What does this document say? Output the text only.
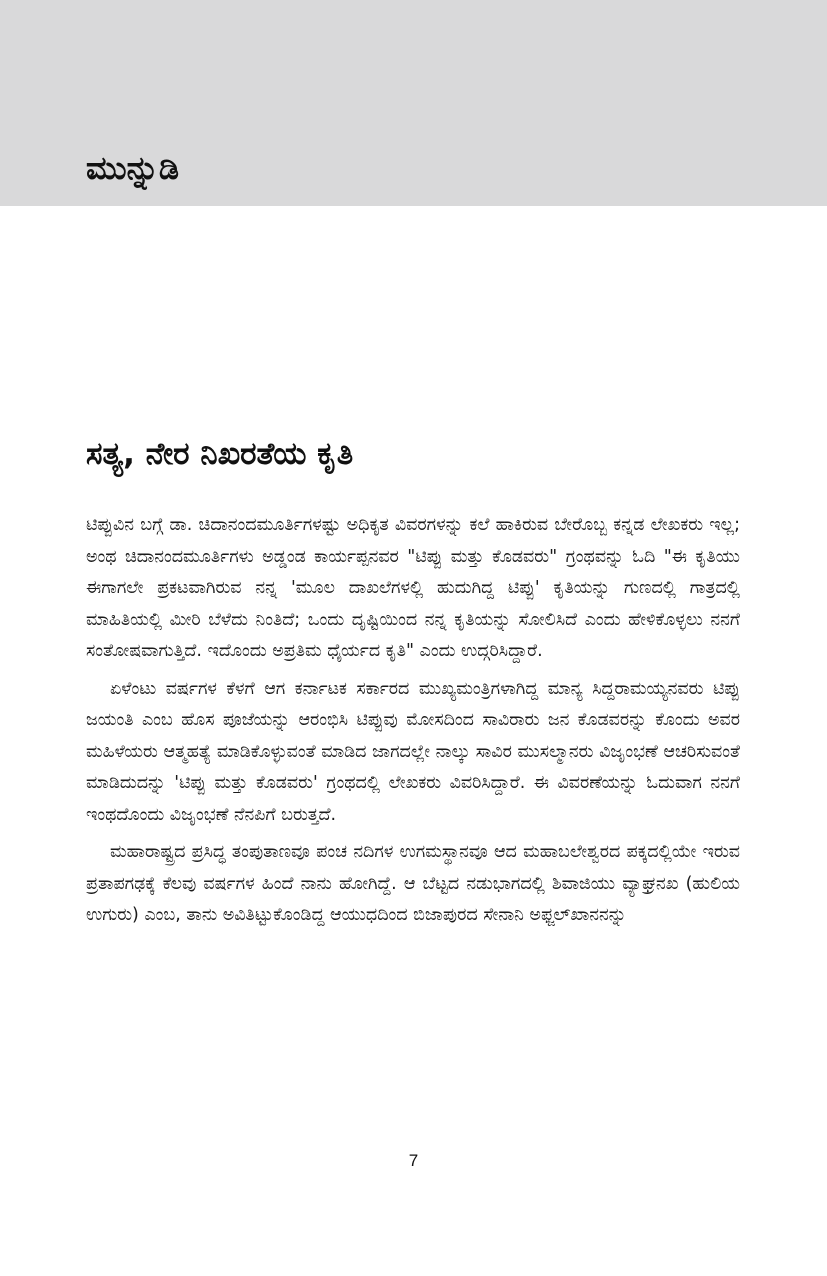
ಮುನ್ನುಡಿ
ಸತ್ಯ, ನೇರ ನಿಖರತೆಯ ಕೃತಿ

ಟಿಪ್ಪುವಿನ ಬಗ್ಗೆ ಡಾ. ಚಿದಾನಂದಮೂರ್ತಿಗಳಷ್ಟು ಅಧಿಕೃತ ವಿವರಗಳನ್ನು ಕಲೆ ಹಾಕಿರುವ ಬೇರೊಬ್ಬ ಕನ್ನಡ ಲೇಖಕರು ಇಲ್ಲ; ಅಂಥ ಚಿದಾನಂದಮೂರ್ತಿಗಳು ಅಡ್ಡಂಡ ಕಾರ್ಯಪ್ಪನವರ "ಟಿಪ್ಪು ಮತ್ತು ಕೊಡವರು" ಗ್ರಂಥವನ್ನು ಓದಿ "ಈ ಕೃತಿಯು ಈಗಾಗಲೇ ಪ್ರಕಟವಾಗಿರುವ ನನ್ನ 'ಮೂಲ ದಾಖಲೆಗಳಲ್ಲಿ ಹುದುಗಿದ್ದ ಟಿಪ್ಪು' ಕೃತಿಯನ್ನು ಗುಣದಲ್ಲಿ ಗಾತ್ರದಲ್ಲಿ ಮಾಹಿತಿಯಲ್ಲಿ ಮೀರಿ ಬೆಳೆದು ನಿಂತಿದೆ; ಒಂದು ದೃಷ್ಟಿಯಿಂದ ನನ್ನ ಕೃತಿಯನ್ನು ಸೋಲಿಸಿದೆ ಎಂದು ಹೇಳಿಕೊಳ್ಳಲು ನನಗೆ ಸಂತೋಷವಾಗುತ್ತಿದೆ. ಇದೊಂದು ಅಪ್ರತಿಮ ಧೈರ್ಯದ ಕೃತಿ" ಎಂದು ಉದ್ಗರಿಸಿದ್ದಾರೆ.

ಏಳೆಂಟು ವರ್ಷಗಳ ಕೆಳಗೆ ಆಗ ಕರ್ನಾಟಕ ಸರ್ಕಾರದ ಮುಖ್ಯಮಂತ್ರಿಗಳಾಗಿದ್ದ ಮಾನ್ಯ ಸಿದ್ದರಾಮಯ್ಯನವರು ಟಿಪ್ಪು ಜಯಂತಿ ಎಂಬ ಹೊಸ ಪೂಜೆಯನ್ನು ಆರಂಭಿಸಿ ಟಿಪ್ಪುವು ಮೋಸದಿಂದ ಸಾವಿರಾರು ಜನ ಕೊಡವರನ್ನು ಕೊಂದು ಅವರ ಮಹಿಳೆಯರು ಆತ್ಮಹತ್ಯೆ ಮಾಡಿಕೊಳ್ಳುವಂತೆ ಮಾಡಿದ ಜಾಗದಲ್ಲೇ ನಾಲ್ಕು ಸಾವಿರ ಮುಸಲ್ಮಾನರು ವಿಜೃಂಭಣೆ ಆಚರಿಸುವಂತೆ ಮಾಡಿದುದನ್ನು 'ಟಿಪ್ಪು ಮತ್ತು ಕೊಡವರು' ಗ್ರಂಥದಲ್ಲಿ ಲೇಖಕರು ವಿವರಿಸಿದ್ದಾರೆ. ಈ ವಿವರಣೆಯನ್ನು ಓದುವಾಗ ನನಗೆ ಇಂಥದೊಂದು ವಿಜೃಂಭಣೆ ನೆನಪಿಗೆ ಬರುತ್ತದೆ.

ಮಹಾರಾಷ್ಟ್ರದ ಪ್ರಸಿದ್ಧ ತಂಪುತಾಣವೂ ಪಂಚ ನದಿಗಳ ಉಗಮಸ್ಥಾನವೂ ಆದ ಮಹಾಬಲೇಶ್ವರದ ಪಕ್ಕದಲ್ಲಿಯೇ ಇರುವ ಪ್ರತಾಪಗಢಕ್ಕೆ ಕೆಲವು ವರ್ಷಗಳ ಹಿಂದೆ ನಾನು ಹೋಗಿದ್ದೆ. ಆ ಬೆಟ್ಟದ ನಡುಭಾಗದಲ್ಲಿ ಶಿವಾಜಿಯು ವ್ಯಾಘ್ರನಖ (ಹುಲಿಯ ಉಗುರು) ಎಂಬ, ತಾನು ಅವಿತಿಟ್ಟುಕೊಂಡಿದ್ದ ಆಯುಧದಿಂದ ಬಿಜಾಪುರದ ಸೇನಾನಿ ಅಫ್ಜಲ್‌ಖಾನನನ್ನು

7
